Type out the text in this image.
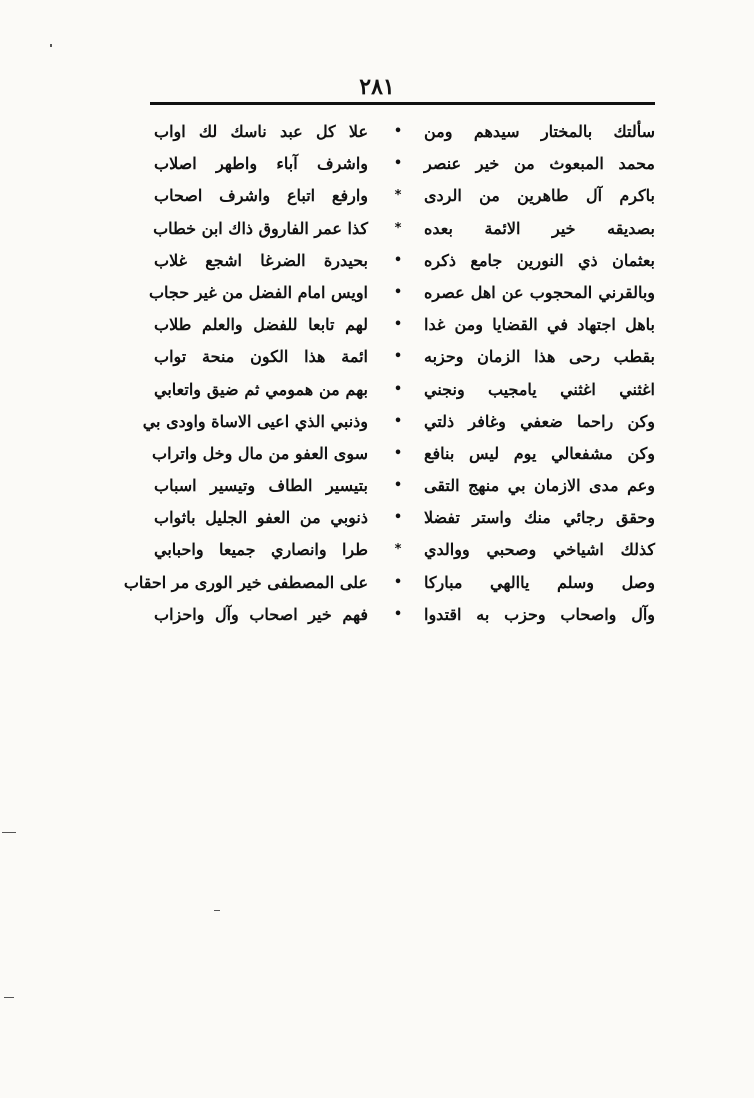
٢٨١
سألتك بالمختار سيدهم ومن
•
علا كل عبد ناسك لك اواب
محمد المبعوث من خير عنصر
•
واشرف آباء واطهر اصلاب
باكرم آل طاهرين من الردى
*
وارفع اتباع واشرف اصحاب
بصديقه خير الائمة بعده
*
كذا عمر الفاروق ذاك ابن خطاب
بعثمان ذي النورين جامع ذكره
•
بحيدرة الضرغا اشجع غلاب
وبالقرني المحجوب عن اهل عصره
•
اويس امام الفضل من غير حجاب
باهل اجتهاد في القضايا ومن غدا
•
لهم تابعا للفضل والعلم طلاب
بقطب رحى هذا الزمان وحزبه
•
ائمة هذا الكون منحة تواب
اغثني اغثني يامجيب ونجني
•
بهم من همومي ثم ضيق واتعابي
وكن راحما ضعفي وغافر ذلتي
•
وذنبي الذي اعيى الاساة واودى بي
وكن مشفعالي يوم ليس بنافع
•
سوى العفو من مال وخل واتراب
وعم مدى الازمان بي منهج التقى
•
بتيسير الطاف وتيسير اسباب
وحقق رجائي منك واستر تفضلا
•
ذنوبي من العفو الجليل باثواب
كذلك اشياخي وصحبي ووالدي
*
طرا وانصاري جميعا واحبابي
وصل وسلم ياالهي مباركا
•
على المصطفى خير الورى مر احقاب
وآل واصحاب وحزب به اقتدوا
•
فهم خير اصحاب وآل واحزاب
